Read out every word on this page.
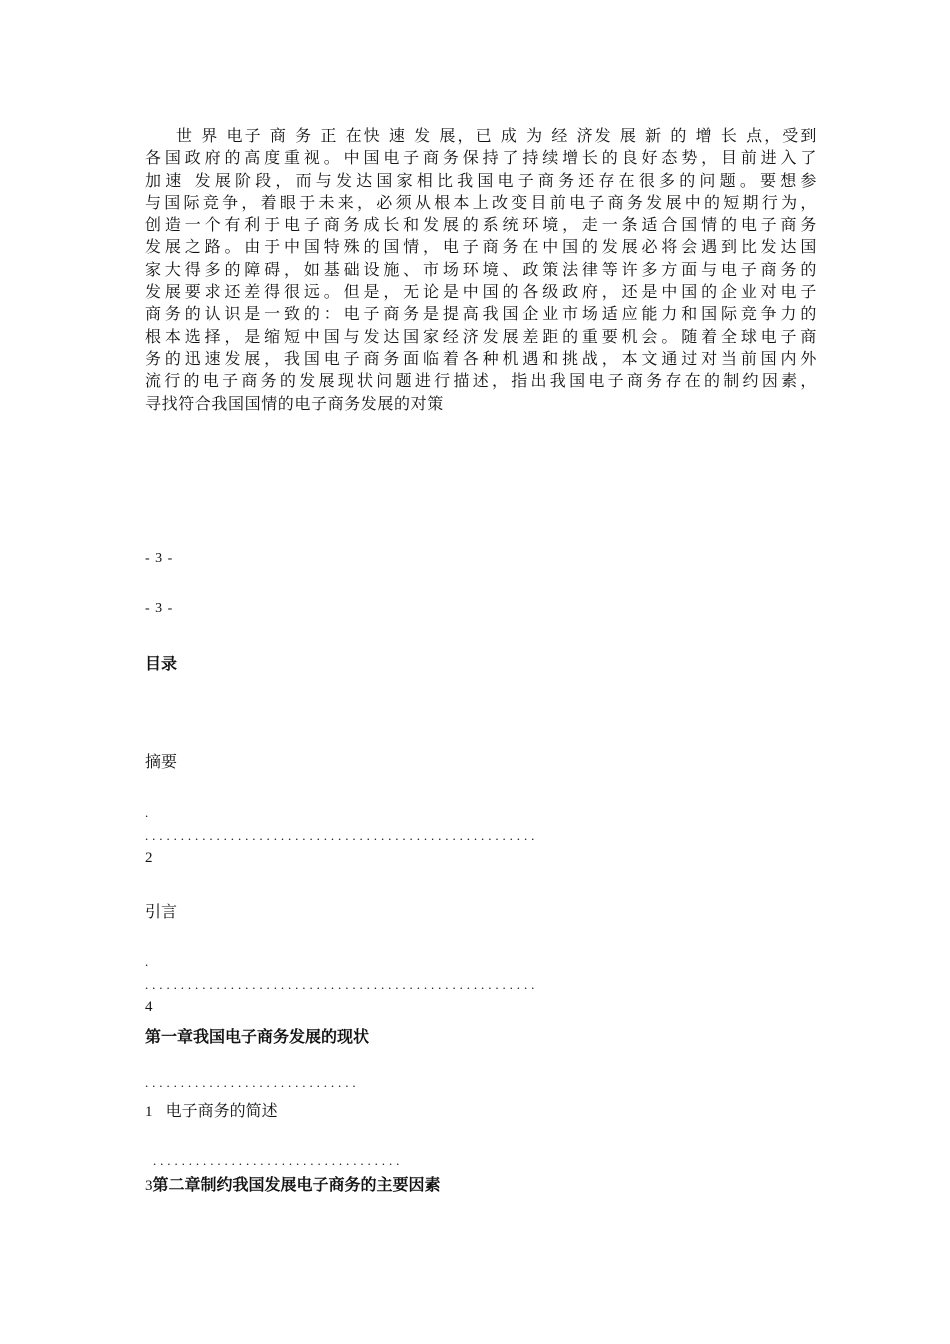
世 界 电子 商 务 正 在快 速 发 展，已 成 为 经 济发 展 新 的 增 长 点，受到
各国政府的高度重视。中国电子商务保持了持续增长的良好态势，目前进入了
加速 发展阶段，而与发达国家相比我国电子商务还存在很多的问题。要想参
与国际竞争，着眼于未来，必须从根本上改变目前电子商务发展中的短期行为，
创造一个有利于电子商务成长和发展的系统环境，走一条适合国情的电子商务
发展之路。由于中国特殊的国情，电子商务在中国的发展必将会遇到比发达国
家大得多的障碍，如基础设施、市场环境、政策法律等许多方面与电子商务的
发展要求还差得很远。但是，无论是中国的各级政府，还是中国的企业对电子
商务的认识是一致的：电子商务是提高我国企业市场适应能力和国际竞争力的
根本选择，是缩短中国与发达国家经济发展差距的重要机会。随着全球电子商
务的迅速发展，我国电子商务面临着各种机遇和挑战，本文通过对当前国内外
流行的电子商务的发展现状问题进行描述，指出我国电子商务存在的制约因素，
寻找符合我国国情的电子商务发展的对策
- 3 -
- 3 -
目录
摘要
.
.......................................................
2
引言
.
.......................................................
4
第一章我国电子商务发展的现状
..............................
1 电子商务的简述
...................................
3第二章制约我国发展电子商务的主要因素
